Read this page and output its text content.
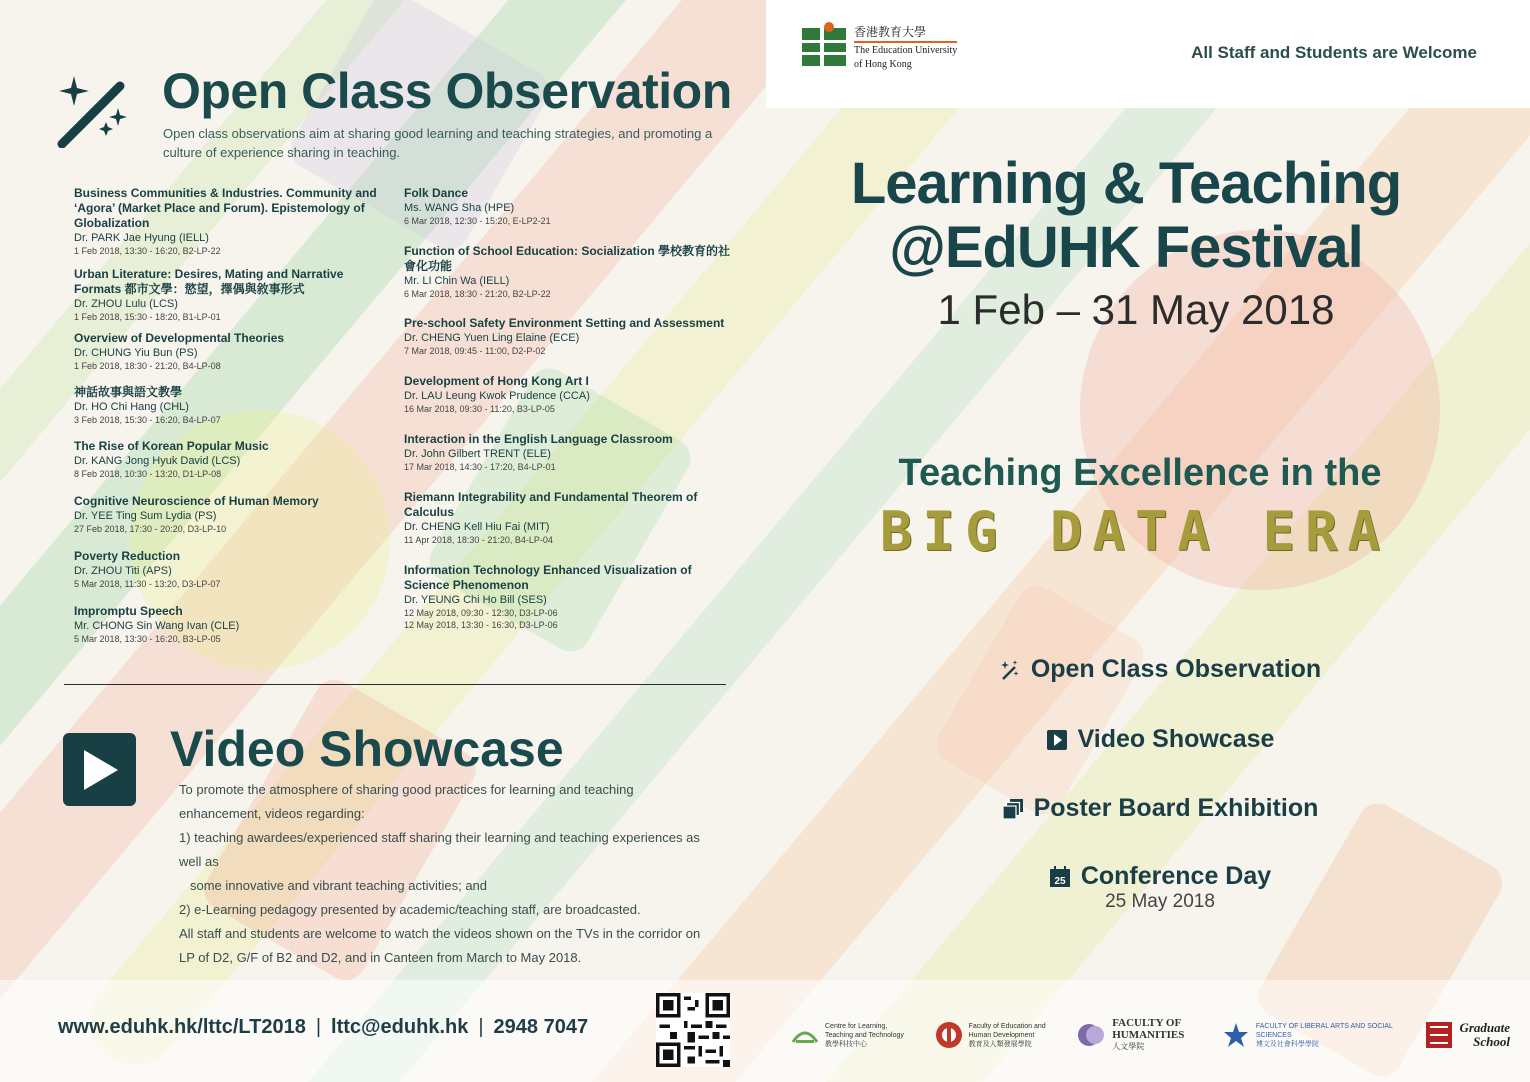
香港教育大學
The Education University
of Hong Kong
All Staff and Students are Welcome
Learning & Teaching
@EdUHK Festival
1 Feb – 31 May 2018
Teaching Excellence in the
BIG DATA ERA
Open Class Observation
Video Showcase
Poster Board Exhibition
25 Conference Day
25 May 2018
Open Class Observation
Open class observations aim at sharing good learning and teaching strategies, and promoting a culture of experience sharing in teaching.
Business Communities & Industries. Community and ‘Agora’ (Market Place and Forum). Epistemology of Globalization
Dr. PARK Jae Hyung (IELL)
1 Feb 2018, 13:30 - 16:20, B2-LP-22
Urban Literature: Desires, Mating and Narrative Formats 都市文學：慾望，擇偶與敘事形式
Dr. ZHOU Lulu (LCS)
1 Feb 2018, 15:30 - 18:20, B1-LP-01
Overview of Developmental Theories
Dr. CHUNG Yiu Bun (PS)
1 Feb 2018, 18:30 - 21:20, B4-LP-08
神話故事與語文教學
Dr. HO Chi Hang (CHL)
3 Feb 2018, 15:30 - 16:20, B4-LP-07
The Rise of Korean Popular Music
Dr. KANG Jong Hyuk David (LCS)
8 Feb 2018, 10:30 - 13:20, D1-LP-08
Cognitive Neuroscience of Human Memory
Dr. YEE Ting Sum Lydia (PS)
27 Feb 2018, 17:30 - 20:20, D3-LP-10
Poverty Reduction
Dr. ZHOU Titi (APS)
5 Mar 2018, 11:30 - 13:20, D3-LP-07
Impromptu Speech
Mr. CHONG Sin Wang Ivan (CLE)
5 Mar 2018, 13:30 - 16:20, B3-LP-05
Folk Dance
Ms. WANG Sha (HPE)
6 Mar 2018, 12:30 - 15:20, E-LP2-21
Function of School Education: Socialization 學校教育的社會化功能
Mr. LI Chin Wa (IELL)
6 Mar 2018, 18:30 - 21:20, B2-LP-22
Pre-school Safety Environment Setting and Assessment
Dr. CHENG Yuen Ling Elaine (ECE)
7 Mar 2018, 09:45 - 11:00, D2-P-02
Development of Hong Kong Art I
Dr. LAU Leung Kwok Prudence (CCA)
16 Mar 2018, 09:30 - 11:20, B3-LP-05
Interaction in the English Language Classroom
Dr. John Gilbert TRENT (ELE)
17 Mar 2018, 14:30 - 17:20, B4-LP-01
Riemann Integrability and Fundamental Theorem of Calculus
Dr. CHENG Kell Hiu Fai (MIT)
11 Apr 2018, 18:30 - 21:20, B4-LP-04
Information Technology Enhanced Visualization of Science Phenomenon
Dr. YEUNG Chi Ho Bill (SES)
12 May 2018, 09:30 - 12:30, D3-LP-06
12 May 2018, 13:30 - 16:30, D3-LP-06
Video Showcase

To promote the atmosphere of sharing good practices for learning and teaching enhancement, videos regarding:

1) teaching awardees/experienced staff sharing their learning and teaching experiences as well as

some innovative and vibrant teaching activities; and

2) e-Learning pedagogy presented by academic/teaching staff, are broadcasted.

All staff and students are welcome to watch the videos shown on the TVs in the corridor on LP of D2, G/F of B2 and D2, and in Canteen from March to May 2018.

www.eduhk.hk/lttc/LT2018 | lttc@eduhk.hk | 2948 7047	Centre for Learning, Teaching and Technology
教學科技中心
Faculty of Education and Human Development
教育及人類發展學院
FACULTY OF HUMANITIES
人文學院
FACULTY OF LIBERAL ARTS AND SOCIAL SCIENCES
博文及社會科學學院
Graduate
School
